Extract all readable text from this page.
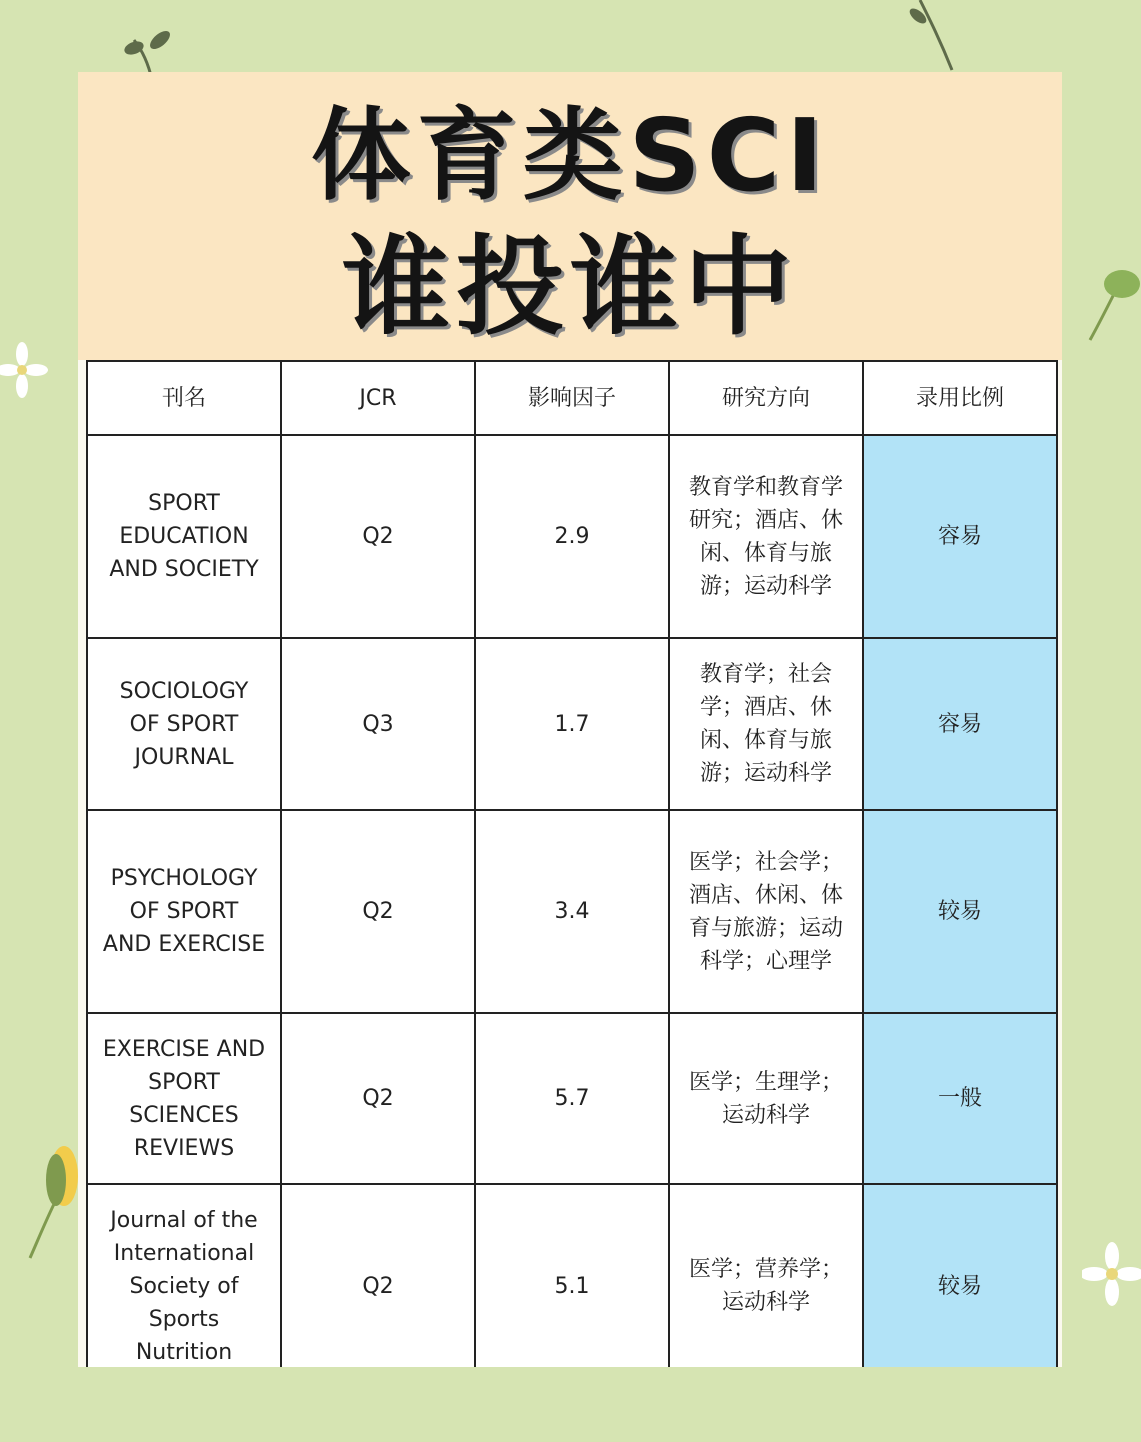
体育类SCI
谁投谁中
刊名	JCR	影响因子	研究方向	录用比例
SPORT EDUCATION AND SOCIETY	Q2	2.9	教育学和教育学研究；酒店、休闲、体育与旅游；运动科学	容易
SOCIOLOGY OF SPORT JOURNAL	Q3	1.7	教育学；社会学；酒店、休闲、体育与旅游；运动科学	容易
PSYCHOLOGY OF SPORT AND EXERCISE	Q2	3.4	医学；社会学；酒店、休闲、体育与旅游；运动科学；心理学	较易
EXERCISE AND SPORT SCIENCES REVIEWS	Q2	5.7	医学；生理学；运动科学	一般
Journal of the International Society of Sports Nutrition	Q2	5.1	医学；营养学；运动科学	较易
